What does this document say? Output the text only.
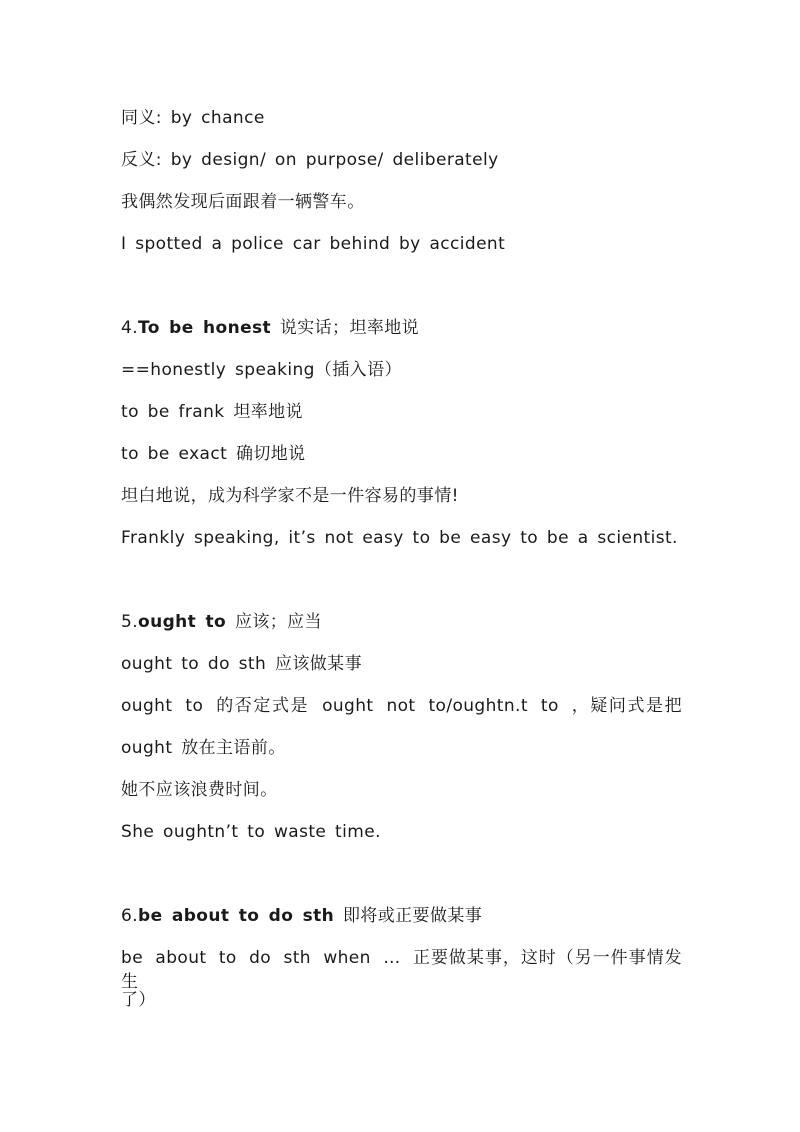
同义: by chance
反义: by design/ on purpose/ deliberately
我偶然发现后面跟着一辆警车。
I spotted a police car behind by accident
4.To be honest 说实话；坦率地说
==honestly speaking（插入语）
to be frank 坦率地说
to be exact 确切地说
坦白地说，成为科学家不是一件容易的事情!
Frankly speaking, it’s not easy to be easy to be a scientist.
5.ought to 应该；应当
ought to do sth 应该做某事
ought to 的否定式是 ought not to/oughtn.t to ，疑问式是把
ought 放在主语前。
她不应该浪费时间。
She oughtn’t to waste time.
6.be about to do sth 即将或正要做某事
be about to do sth when … 正要做某事，这时（另一件事情发生
了）
